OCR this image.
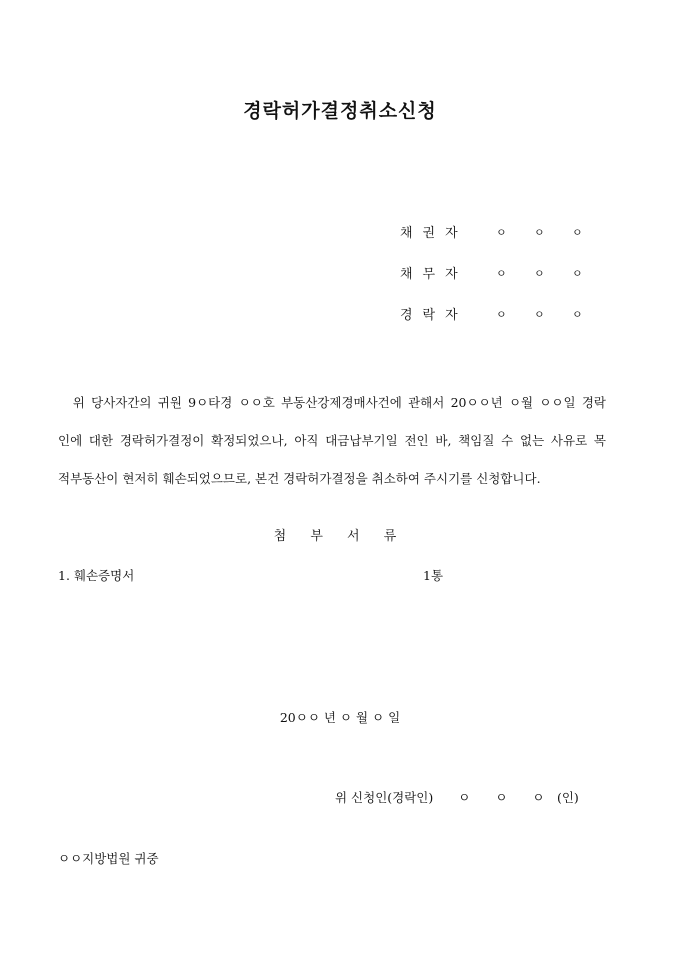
경락허가결정취소신청
채권자	ㅇ	ㅇ	ㅇ
채무자	ㅇ	ㅇ	ㅇ
경락자	ㅇ	ㅇ	ㅇ
　위 당사자간의 귀원 9ㅇ타경 ㅇㅇ호 부동산강제경매사건에 관해서 20ㅇㅇ년 ㅇ월 ㅇㅇ일 경락
인에 대한 경락허가결정이 확정되었으나, 아직 대금납부기일 전인 바, 책임질 수 없는 사유로 목
적부동산이 현저히 훼손되었으므로, 본건 경락허가결정을 취소하여 주시기를 신청합니다.
첨 부 서 류
1. 훼손증명서	1통
20ㅇㅇ 년 ㅇ 월 ㅇ 일
위 신청인(경락인)　　ㅇ　　ㅇ　　ㅇ　(인)
ㅇㅇ지방법원 귀중
